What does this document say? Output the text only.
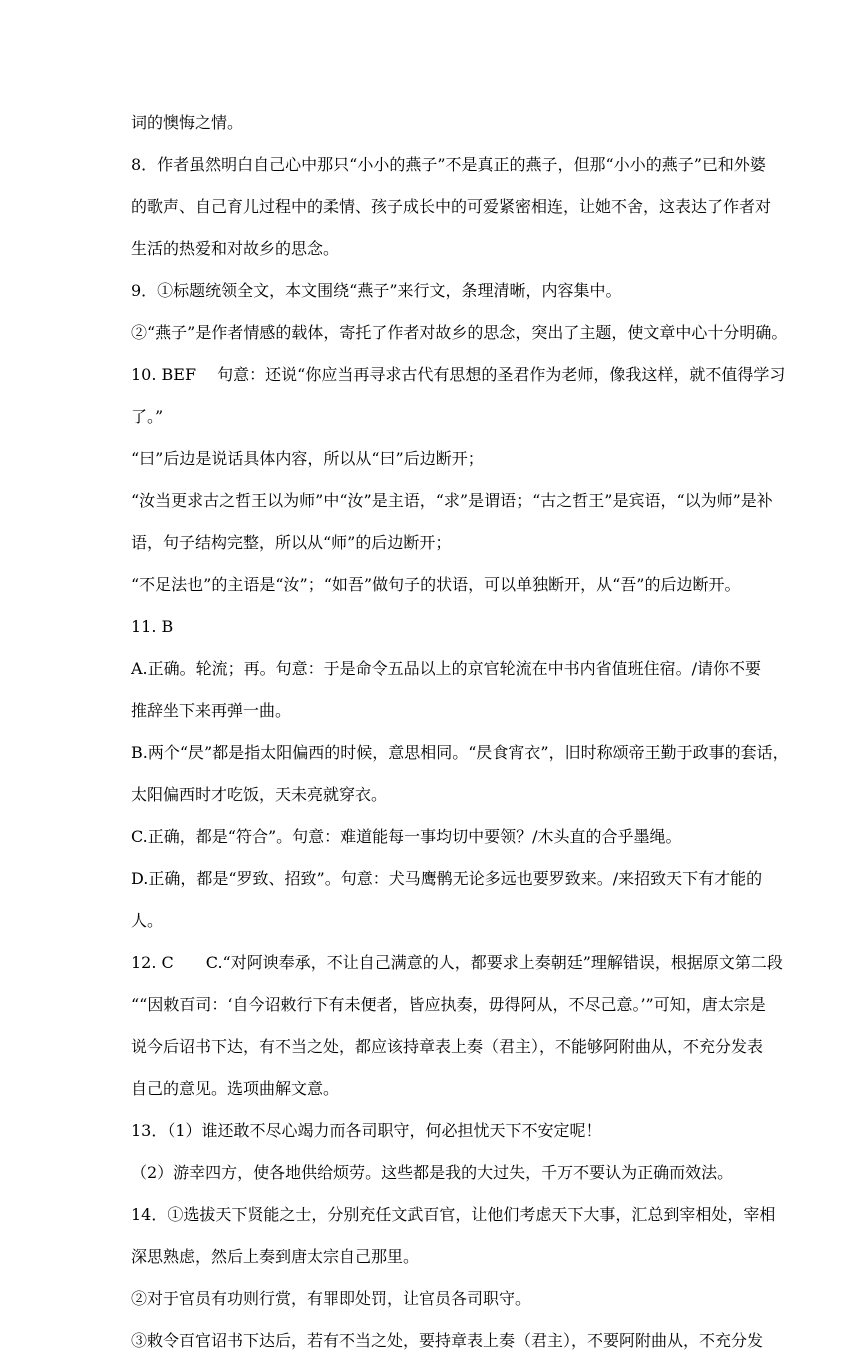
词的懊悔之情。
8．作者虽然明白自己心中那只“小小的燕子”不是真正的燕子，但那“小小的燕子”已和外婆
的歌声、自己育儿过程中的柔情、孩子成长中的可爱紧密相连，让她不舍，这表达了作者对
生活的热爱和对故乡的思念。
9．①标题统领全文，本文围绕“燕子”来行文，条理清晰，内容集中。
②“燕子”是作者情感的载体，寄托了作者对故乡的思念，突出了主题，使文章中心十分明确。
10. BEF　 句意：还说“你应当再寻求古代有思想的圣君作为老师，像我这样，就不值得学习
了。”
“曰”后边是说话具体内容，所以从“曰”后边断开；
“汝当更求古之哲王以为师”中“汝”是主语，“求”是谓语；“古之哲王”是宾语，“以为师”是补
语，句子结构完整，所以从“师”的后边断开；
“不足法也”的主语是“汝”；“如吾”做句子的状语，可以单独断开，从“吾”的后边断开。
11. B
A.正确。轮流；再。句意：于是命令五品以上的京官轮流在中书内省值班住宿。/请你不要
推辞坐下来再弹一曲。
B.两个“昃”都是指太阳偏西的时候，意思相同。“昃食宵衣”，旧时称颂帝王勤于政事的套话，
太阳偏西时才吃饭，天未亮就穿衣。
C.正确，都是“符合”。句意：难道能每一事均切中要领？/木头直的合乎墨绳。
D.正确，都是“罗致、招致”。句意：犬马鹰鹘无论多远也要罗致来。/来招致天下有才能的
人。
12. C　　C.“对阿谀奉承，不让自己满意的人，都要求上奏朝廷”理解错误，根据原文第二段
““因敕百司：‘自今诏敕行下有未便者，皆应执奏，毋得阿从，不尽己意。’”可知，唐太宗是
说今后诏书下达，有不当之处，都应该持章表上奏（君主），不能够阿附曲从，不充分发表
自己的意见。选项曲解文意。
13．（1）谁还敢不尽心竭力而各司职守，何必担忧天下不安定呢！
（2）游幸四方，使各地供给烦劳。这些都是我的大过失，千万不要认为正确而效法。
14．①选拔天下贤能之士，分别充任文武百官，让他们考虑天下大事，汇总到宰相处，宰相
深思熟虑，然后上奏到唐太宗自己那里。
②对于官员有功则行赏，有罪即处罚，让官员各司职守。
③敕令百官诏书下达后，若有不当之处，要持章表上奏（君主），不要阿附曲从，不充分发
